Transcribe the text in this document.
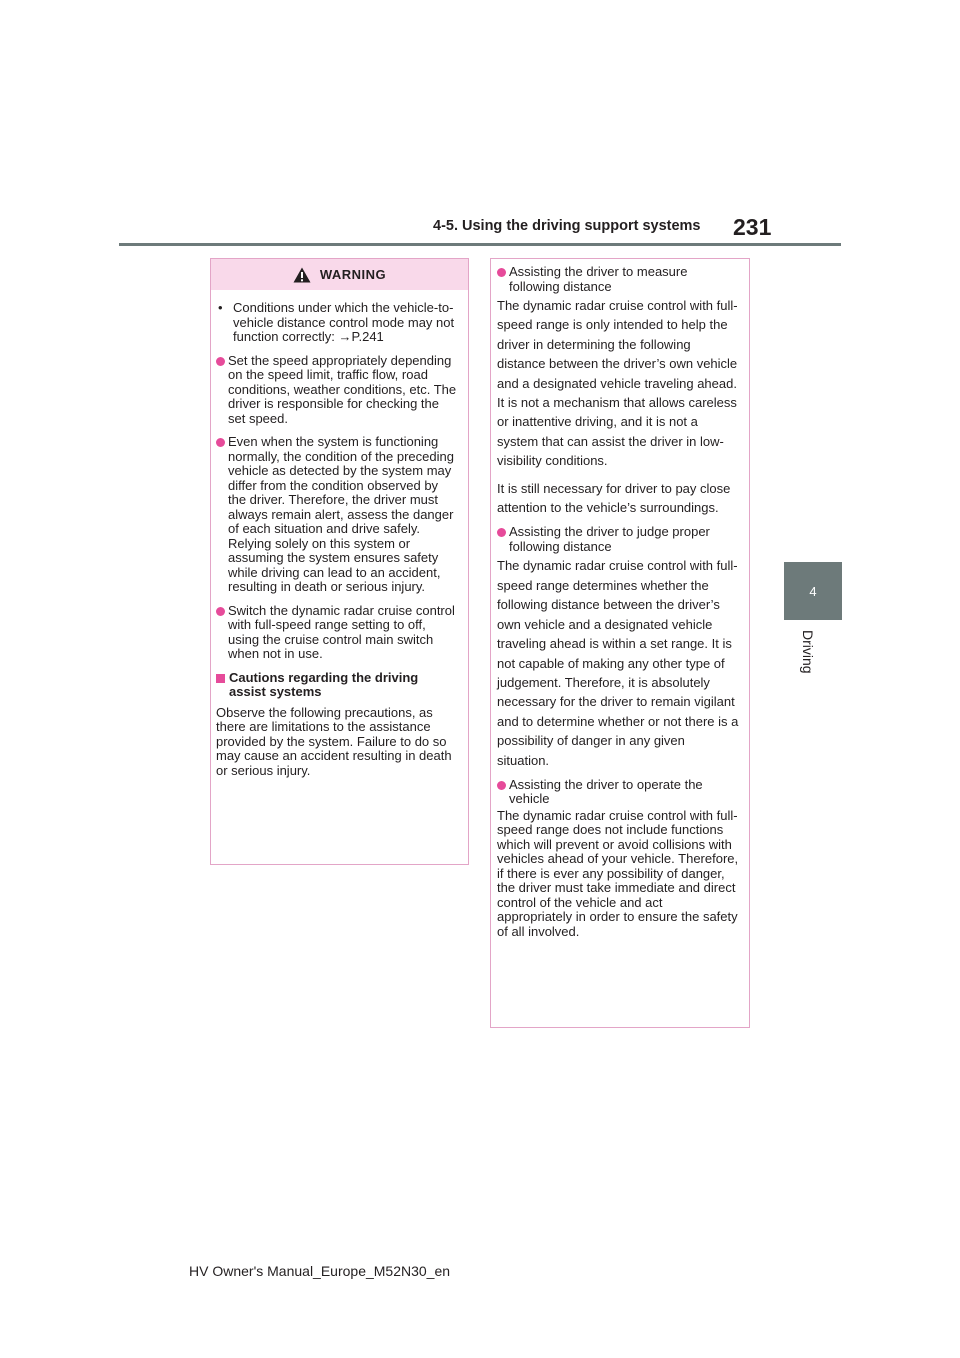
4-5. Using the driving support systems 231
4
Driving
WARNING
• Conditions under which the vehicle-to-vehicle distance control mode may not function correctly: →P.241
Set the speed appropriately depending on the speed limit, traffic flow, road conditions, weather conditions, etc. The driver is responsible for checking the set speed.
Even when the system is functioning normally, the condition of the preceding vehicle as detected by the system may differ from the condition observed by the driver. Therefore, the driver must always remain alert, assess the danger of each situation and drive safely. Relying solely on this system or assuming the system ensures safety while driving can lead to an accident, resulting in death or serious injury.
Switch the dynamic radar cruise control with full-speed range setting to off, using the cruise control main switch when not in use.
Cautions regarding the driving assist systems

Observe the following precautions, as there are limitations to the assistance provided by the system. Failure to do so may cause an accident resulting in death or serious injury.

Assisting the driver to measure following distance

The dynamic radar cruise control with full-speed range is only intended to help the driver in determining the following distance between the driver’s own vehicle and a designated vehicle traveling ahead. It is not a mechanism that allows careless or inattentive driving, and it is not a system that can assist the driver in low-visibility conditions.

It is still necessary for driver to pay close attention to the vehicle’s surroundings.

Assisting the driver to judge proper following distance

The dynamic radar cruise control with full-speed range determines whether the following distance between the driver’s own vehicle and a designated vehicle traveling ahead is within a set range. It is not capable of making any other type of judgement. Therefore, it is absolutely necessary for the driver to remain vigilant and to determine whether or not there is a possibility of danger in any given situation.

Assisting the driver to operate the vehicle

The dynamic radar cruise control with full-speed range does not include functions which will prevent or avoid collisions with vehicles ahead of your vehicle. Therefore, if there is ever any possibility of danger, the driver must take immediate and direct control of the vehicle and act appropriately in order to ensure the safety of all involved.

HV Owner's Manual_Europe_M52N30_en
